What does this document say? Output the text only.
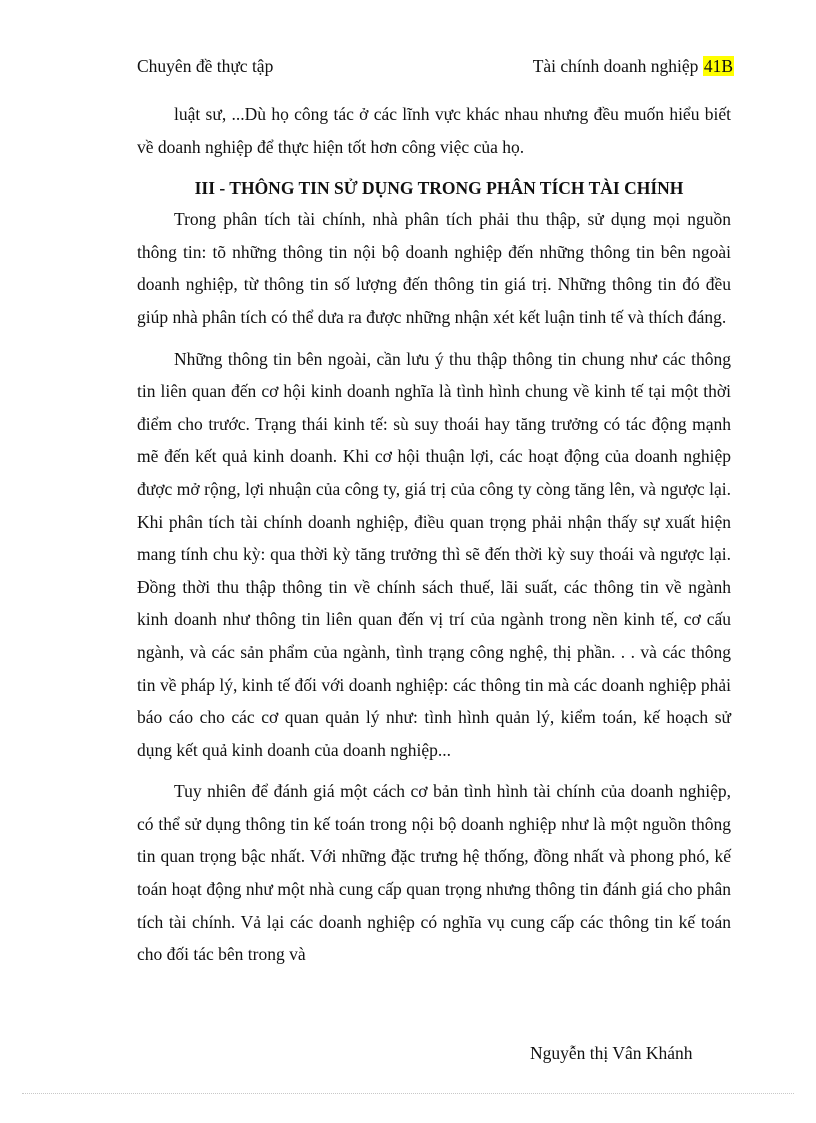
Chuyên đề thực tập	Tài chính doanh nghiệp 41B

luật sư, ...Dù họ công tác ở các lĩnh vực khác nhau nhưng đều muốn hiểu biết về doanh nghiệp để thực hiện tốt hơn công việc của họ.

III - THÔNG TIN SỬ DỤNG TRONG PHÂN TÍCH TÀI CHÍNH

Trong phân tích tài chính, nhà phân tích phải thu thập, sử dụng mọi nguồn thông tin: tõ những thông tin nội bộ doanh nghiệp đến những thông tin bên ngoài doanh nghiệp, từ thông tin số lượng đến thông tin giá trị. Những thông tin đó đều giúp nhà phân tích có thể dưa ra được những nhận xét kết luận tinh tế và thích đáng.

Những thông tin bên ngoài, cần lưu ý thu thập thông tin chung như các thông tin liên quan đến cơ hội kinh doanh nghĩa là tình hình chung về kinh tế tại một thời điểm cho trước. Trạng thái kinh tế: sù suy thoái hay tăng trưởng có tác động mạnh mẽ đến kết quả kinh doanh. Khi cơ hội thuận lợi, các hoạt động của doanh nghiệp được mở rộng, lợi nhuận của công ty, giá trị của công ty còng tăng lên, và ngược lại. Khi phân tích tài chính doanh nghiệp, điều quan trọng phải nhận thấy sự xuất hiện mang tính chu kỳ: qua thời kỳ tăng trưởng thì sẽ đến thời kỳ suy thoái và ngược lại. Đồng thời thu thập thông tin về chính sách thuế, lãi suất, các thông tin về ngành kinh doanh như thông tin liên quan đến vị trí của ngành trong nền kinh tế, cơ cấu ngành, và các sản phẩm của ngành, tình trạng công nghệ, thị phần. . . và các thông tin về pháp lý, kinh tế đối với doanh nghiệp: các thông tin mà các doanh nghiệp phải báo cáo cho các cơ quan quản lý như: tình hình quản lý, kiểm toán, kế hoạch sử dụng kết quả kinh doanh của doanh nghiệp...

Tuy nhiên để đánh giá một cách cơ bản tình hình tài chính của doanh nghiệp, có thể sử dụng thông tin kế toán trong nội bộ doanh nghiệp như là một nguồn thông tin quan trọng bậc nhất. Với những đặc trưng hệ thống, đồng nhất và phong phó, kế toán hoạt động như một nhà cung cấp quan trọng nhưng thông tin đánh giá cho phân tích tài chính. Vả lại các doanh nghiệp có nghĩa vụ cung cấp các thông tin kế toán cho đối tác bên trong và

Nguyễn thị Vân Khánh
